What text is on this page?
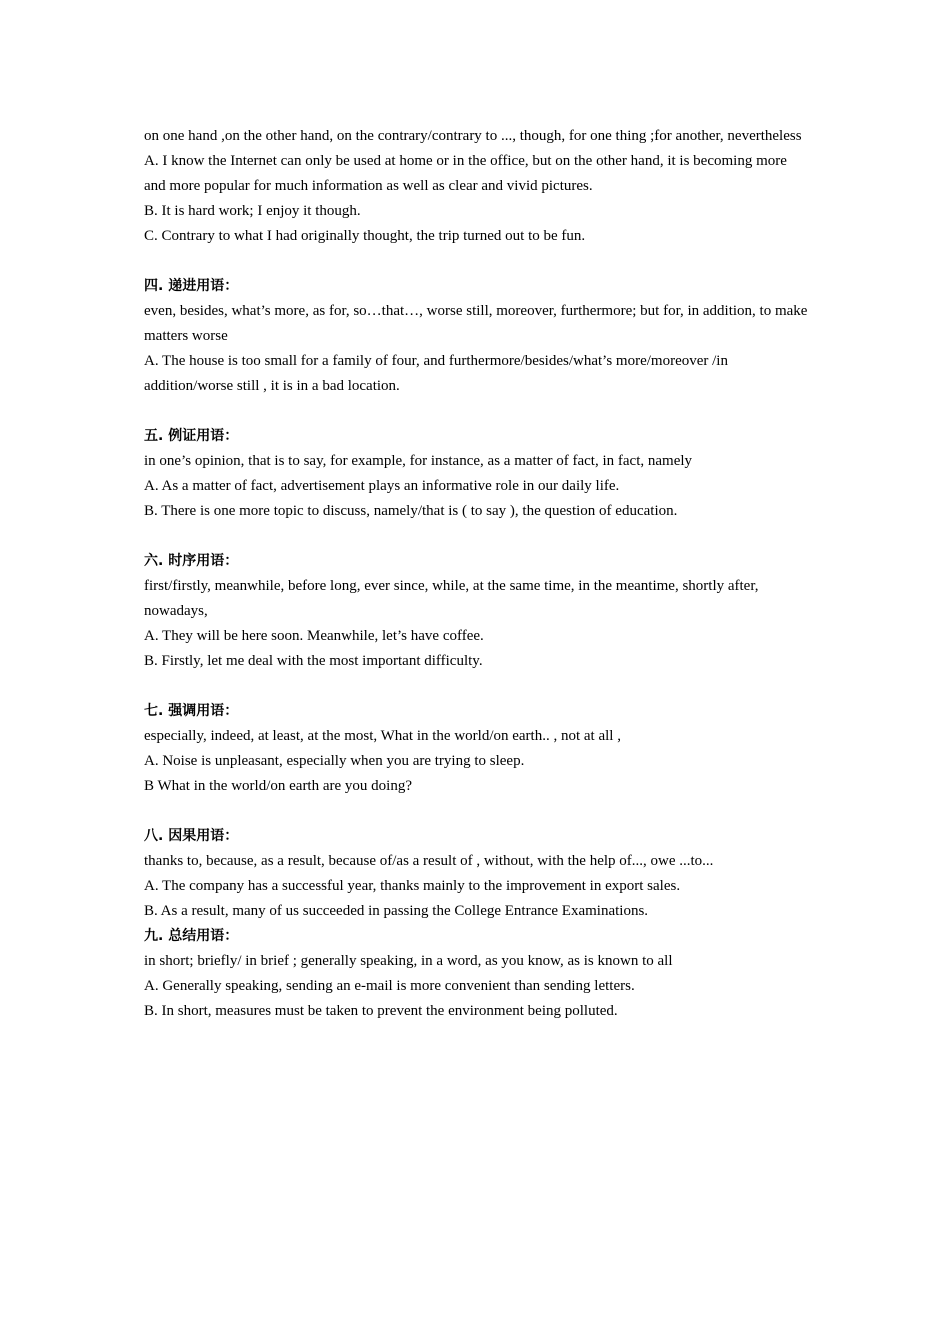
on one hand ,on the other hand, on the contrary/contrary to ..., though, for one thing ;for another, nevertheless

A. I know the Internet can only be used at home or in the office, but on the other hand, it is becoming more and more popular for much information as well as clear and vivid pictures.

B. It is hard work; I enjoy it though.

C. Contrary to what I had originally thought, the trip turned out to be fun.

四. 递进用语：

even, besides, what’s more, as for, so…that…, worse still, moreover, furthermore; but for, in addition, to make matters worse

A. The house is too small for a family of four, and furthermore/besides/what’s more/moreover /in addition/worse still , it is in a bad location.

五. 例证用语：

in one’s opinion, that is to say, for example, for instance, as a matter of fact, in fact, namely

A. As a matter of fact, advertisement plays an informative role in our daily life.

B. There is one more topic to discuss, namely/that is ( to say ), the question of education.

六. 时序用语：

first/firstly, meanwhile, before long, ever since, while, at the same time, in the meantime, shortly after, nowadays,

A. They will be here soon. Meanwhile, let’s have coffee.

B. Firstly, let me deal with the most important difficulty.

七. 强调用语：

especially, indeed, at least, at the most, What in the world/on earth.. , not at all ,

A. Noise is unpleasant, especially when you are trying to sleep.

B What in the world/on earth are you doing?

八. 因果用语：

thanks to, because, as a result, because of/as a result of , without, with the help of..., owe ...to...

A. The company has a successful year, thanks mainly to the improvement in export sales.

B. As a result, many of us succeeded in passing the College Entrance Examinations.

九. 总结用语：

in short; briefly/ in brief ; generally speaking, in a word, as you know, as is known to all

A. Generally speaking, sending an e-mail is more convenient than sending letters.

B. In short, measures must be taken to prevent the environment being polluted.
